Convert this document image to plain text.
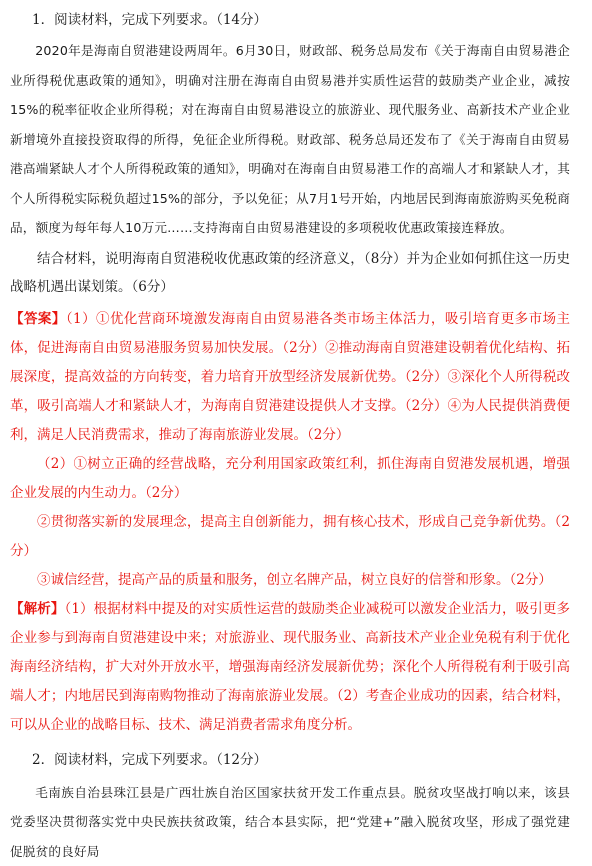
1．阅读材料，完成下列要求。（14分）

2020年是海南自贸港建设两周年。6月30日，财政部、税务总局发布《关于海南自由贸易港企业所得税优惠政策的通知》，明确对注册在海南自由贸易港并实质性运营的鼓励类产业企业，减按15%的税率征收企业所得税；对在海南自由贸易港设立的旅游业、现代服务业、高新技术产业企业新增境外直接投资取得的所得，免征企业所得税。财政部、税务总局还发布了《关于海南自由贸易港高端紧缺人才个人所得税政策的通知》，明确对在海南自由贸易港工作的高端人才和紧缺人才，其个人所得税实际税负超过15%的部分，予以免征；从7月1号开始，内地居民到海南旅游购买免税商品，额度为每年每人10万元……支持海南自由贸易港建设的多项税收优惠政策接连释放。

结合材料，说明海南自贸港税收优惠政策的经济意义，（8分）并为企业如何抓住这一历史战略机遇出谋划策。（6分）

【答案】（1）①优化营商环境激发海南自由贸易港各类市场主体活力，吸引培育更多市场主体，促进海南自由贸易港服务贸易加快发展。（2分）②推动海南自贸港建设朝着优化结构、拓展深度，提高效益的方向转变，着力培育开放型经济发展新优势。（2分）③深化个人所得税改革，吸引高端人才和紧缺人才，为海南自贸港建设提供人才支撑。（2分）④为人民提供消费便利，满足人民消费需求，推动了海南旅游业发展。（2分）

（2）①树立正确的经营战略，充分利用国家政策红利，抓住海南自贸港发展机遇，增强企业发展的内生动力。（2分）

②贯彻落实新的发展理念，提高主自创新能力，拥有核心技术，形成自己竞争新优势。（2分）

③诚信经营，提高产品的质量和服务，创立名牌产品，树立良好的信誉和形象。（2分）

【解析】（1）根据材料中提及的对实质性运营的鼓励类企业减税可以激发企业活力，吸引更多企业参与到海南自贸港建设中来；对旅游业、现代服务业、高新技术产业企业免税有利于优化海南经济结构，扩大对外开放水平，增强海南经济发展新优势；深化个人所得税有利于吸引高端人才；内地居民到海南购物推动了海南旅游业发展。（2）考查企业成功的因素，结合材料，可以从企业的战略目标、技术、满足消费者需求角度分析。

2．阅读材料，完成下列要求。（12分）

毛南族自治县珠江县是广西壮族自治区国家扶贫开发工作重点县。脱贫攻坚战打响以来，该县党委坚决贯彻落实党中央民族扶贫政策，结合本县实际，把“党建+”融入脱贫攻坚，形成了强党建促脱贫的良好局
